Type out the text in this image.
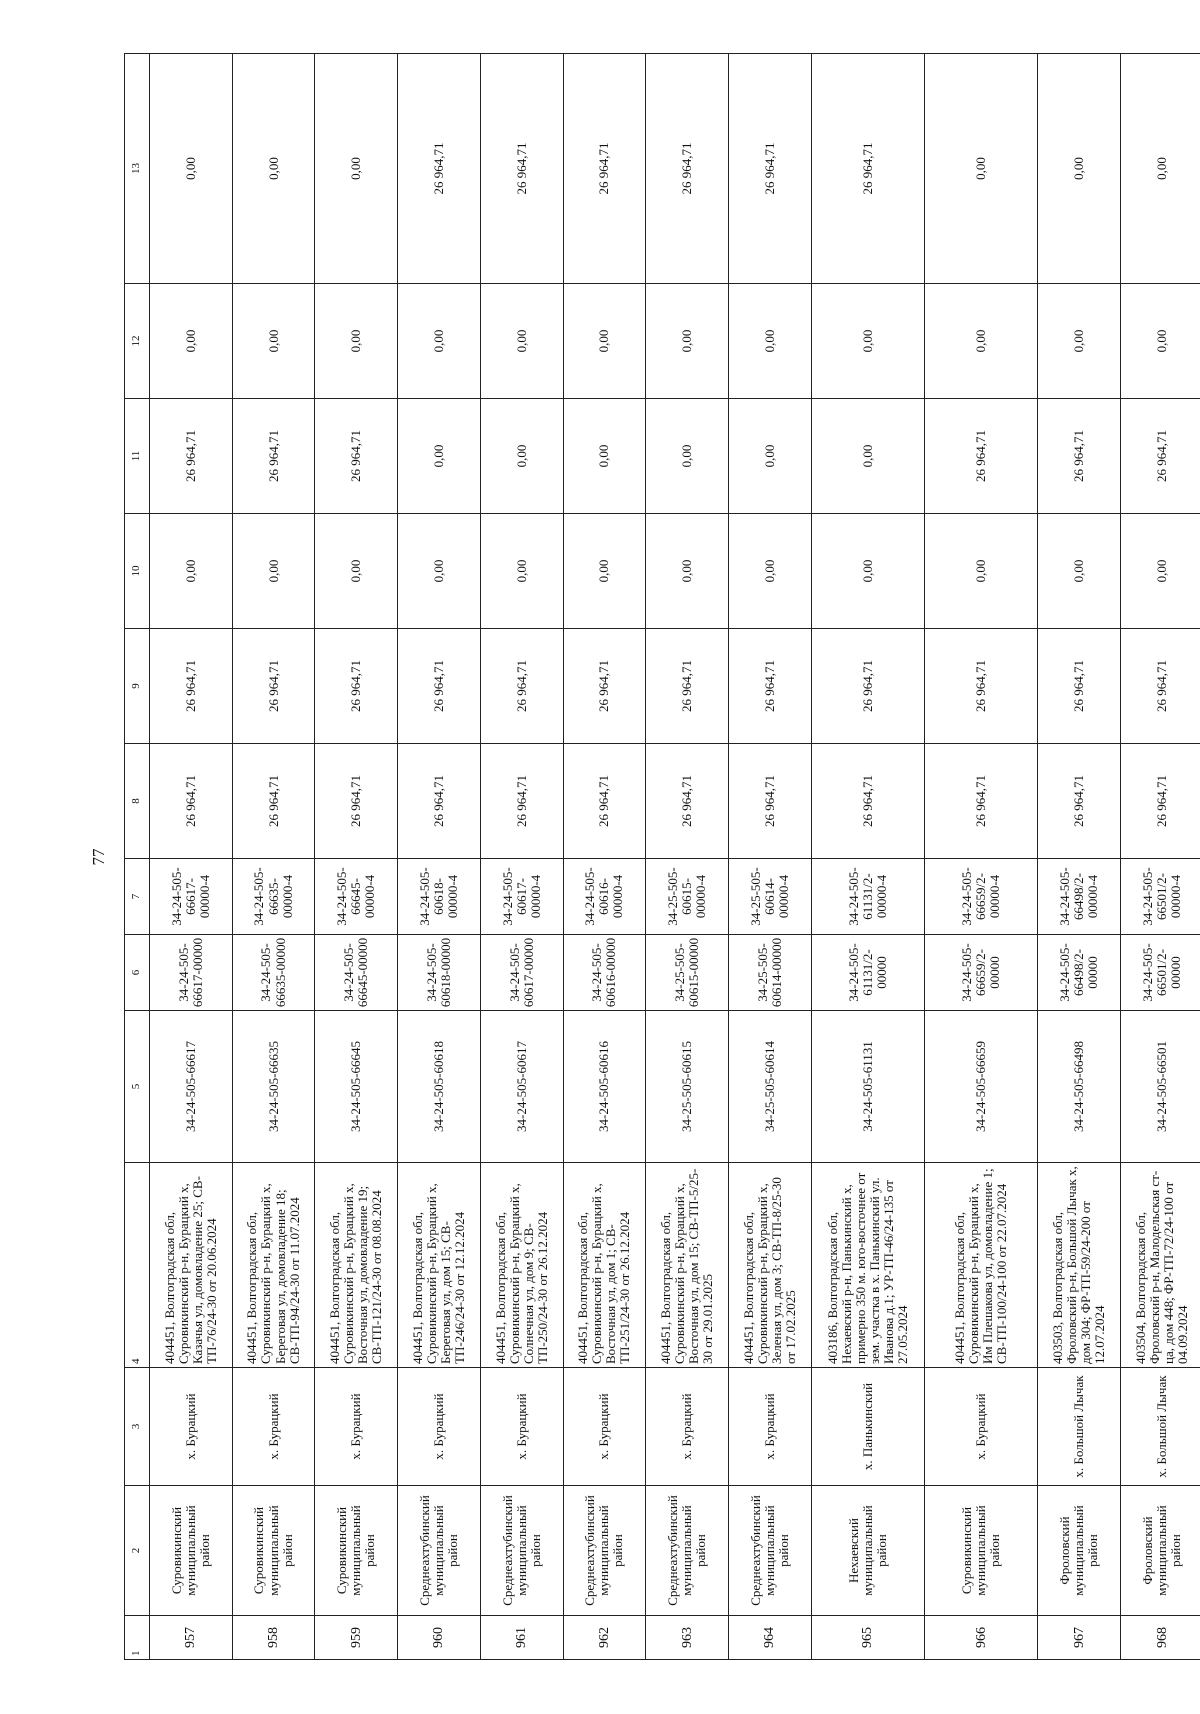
77
1	2	3	4	5	6	7	8	9	10	11	12	13
957	Суровикинский муниципальный район	х. Бурацкий	404451, Волгоградская обл, Суровикинский р-н, Бурацкий х, Казачья ул, домовладение 25; СВ-ТП-76/24-30 от 20.06.2024	34-24-505-66617	34-24-505-66617-00000	34-24-505-66617-00000-4	26 964,71	26 964,71	0,00	26 964,71	0,00	0,00
958	Суровикинский муниципальный район	х. Бурацкий	404451, Волгоградская обл, Суровикинский р-н, Бурацкий х, Береговая ул, домовладение 18; СВ-ТП-94/24-30 от 11.07.2024	34-24-505-66635	34-24-505-66635-00000	34-24-505-66635-00000-4	26 964,71	26 964,71	0,00	26 964,71	0,00	0,00
959	Суровикинский муниципальный район	х. Бурацкий	404451, Волгоградская обл, Суровикинский р-н, Бурацкий х, Восточная ул, домовладение 19; СВ-ТП-121/24-30 от 08.08.2024	34-24-505-66645	34-24-505-66645-00000	34-24-505-66645-00000-4	26 964,71	26 964,71	0,00	26 964,71	0,00	0,00
960	Среднеахтубинский муниципальный район	х. Бурацкий	404451, Волгоградская обл, Суровикинский р-н, Бурацкий х, Береговая ул, дом 15; СВ-ТП-246/24-30 от 12.12.2024	34-24-505-60618	34-24-505-60618-00000	34-24-505-60618-00000-4	26 964,71	26 964,71	0,00	0,00	0,00	26 964,71
961	Среднеахтубинский муниципальный район	х. Бурацкий	404451, Волгоградская обл, Суровикинский р-н, Бурацкий х, Солнечная ул, дом 9; СВ-ТП-250/24-30 от 26.12.2024	34-24-505-60617	34-24-505-60617-00000	34-24-505-60617-00000-4	26 964,71	26 964,71	0,00	0,00	0,00	26 964,71
962	Среднеахтубинский муниципальный район	х. Бурацкий	404451, Волгоградская обл, Суровикинский р-н, Бурацкий х, Восточная ул, дом 1; СВ-ТП-251/24-30 от 26.12.2024	34-24-505-60616	34-24-505-60616-00000	34-24-505-60616-00000-4	26 964,71	26 964,71	0,00	0,00	0,00	26 964,71
963	Среднеахтубинский муниципальный район	х. Бурацкий	404451, Волгоградская обл, Суровикинский р-н, Бурацкий х, Восточная ул, дом 15; СВ-ТП-5/25-30 от 29.01.2025	34-25-505-60615	34-25-505-60615-00000	34-25-505-60615-00000-4	26 964,71	26 964,71	0,00	0,00	0,00	26 964,71
964	Среднеахтубинский муниципальный район	х. Бурацкий	404451, Волгоградская обл, Суровикинский р-н, Бурацкий х, Зеленая ул, дом 3; СВ-ТП-8/25-30 от 17.02.2025	34-25-505-60614	34-25-505-60614-00000	34-25-505-60614-00000-4	26 964,71	26 964,71	0,00	0,00	0,00	26 964,71
965	Нехаевский муниципальный район	х. Панькинский	403186, Волгоградская обл, Нехаевский р-н, Панькинский х, примерно 350 м. юго-восточнее от зем. участка в х. Панькинский ул. Иванова д.1; УР-ТП-46/24-135 от 27.05.2024	34-24-505-61131	34-24-505-61131/2-00000	34-24-505-61131/2-00000-4	26 964,71	26 964,71	0,00	0,00	0,00	26 964,71
966	Суровикинский муниципальный район	х. Бурацкий	404451, Волгоградская обл, Суровикинский р-н, Бурацкий х, Им Плешакова ул, домовладение 1; СВ-ТП-100/24-100 от 22.07.2024	34-24-505-66659	34-24-505-66659/2-00000	34-24-505-66659/2-00000-4	26 964,71	26 964,71	0,00	26 964,71	0,00	0,00
967	Фроловский муниципальный район	х. Большой Лычак	403503, Волгоградская обл, Фроловский р-н, Большой Лычак х, дом 304; ФР-ТП-59/24-200 от 12.07.2024	34-24-505-66498	34-24-505-66498/2-00000	34-24-505-66498/2-00000-4	26 964,71	26 964,71	0,00	26 964,71	0,00	0,00
968	Фроловский муниципальный район	х. Большой Лычак	403504, Волгоградская обл, Фроловский р-н, Малодельская ст-ца, дом 448; ФР-ТП-72/24-100 от 04.09.2024	34-24-505-66501	34-24-505-66501/2-00000	34-24-505-66501/2-00000-4	26 964,71	26 964,71	0,00	26 964,71	0,00	0,00
